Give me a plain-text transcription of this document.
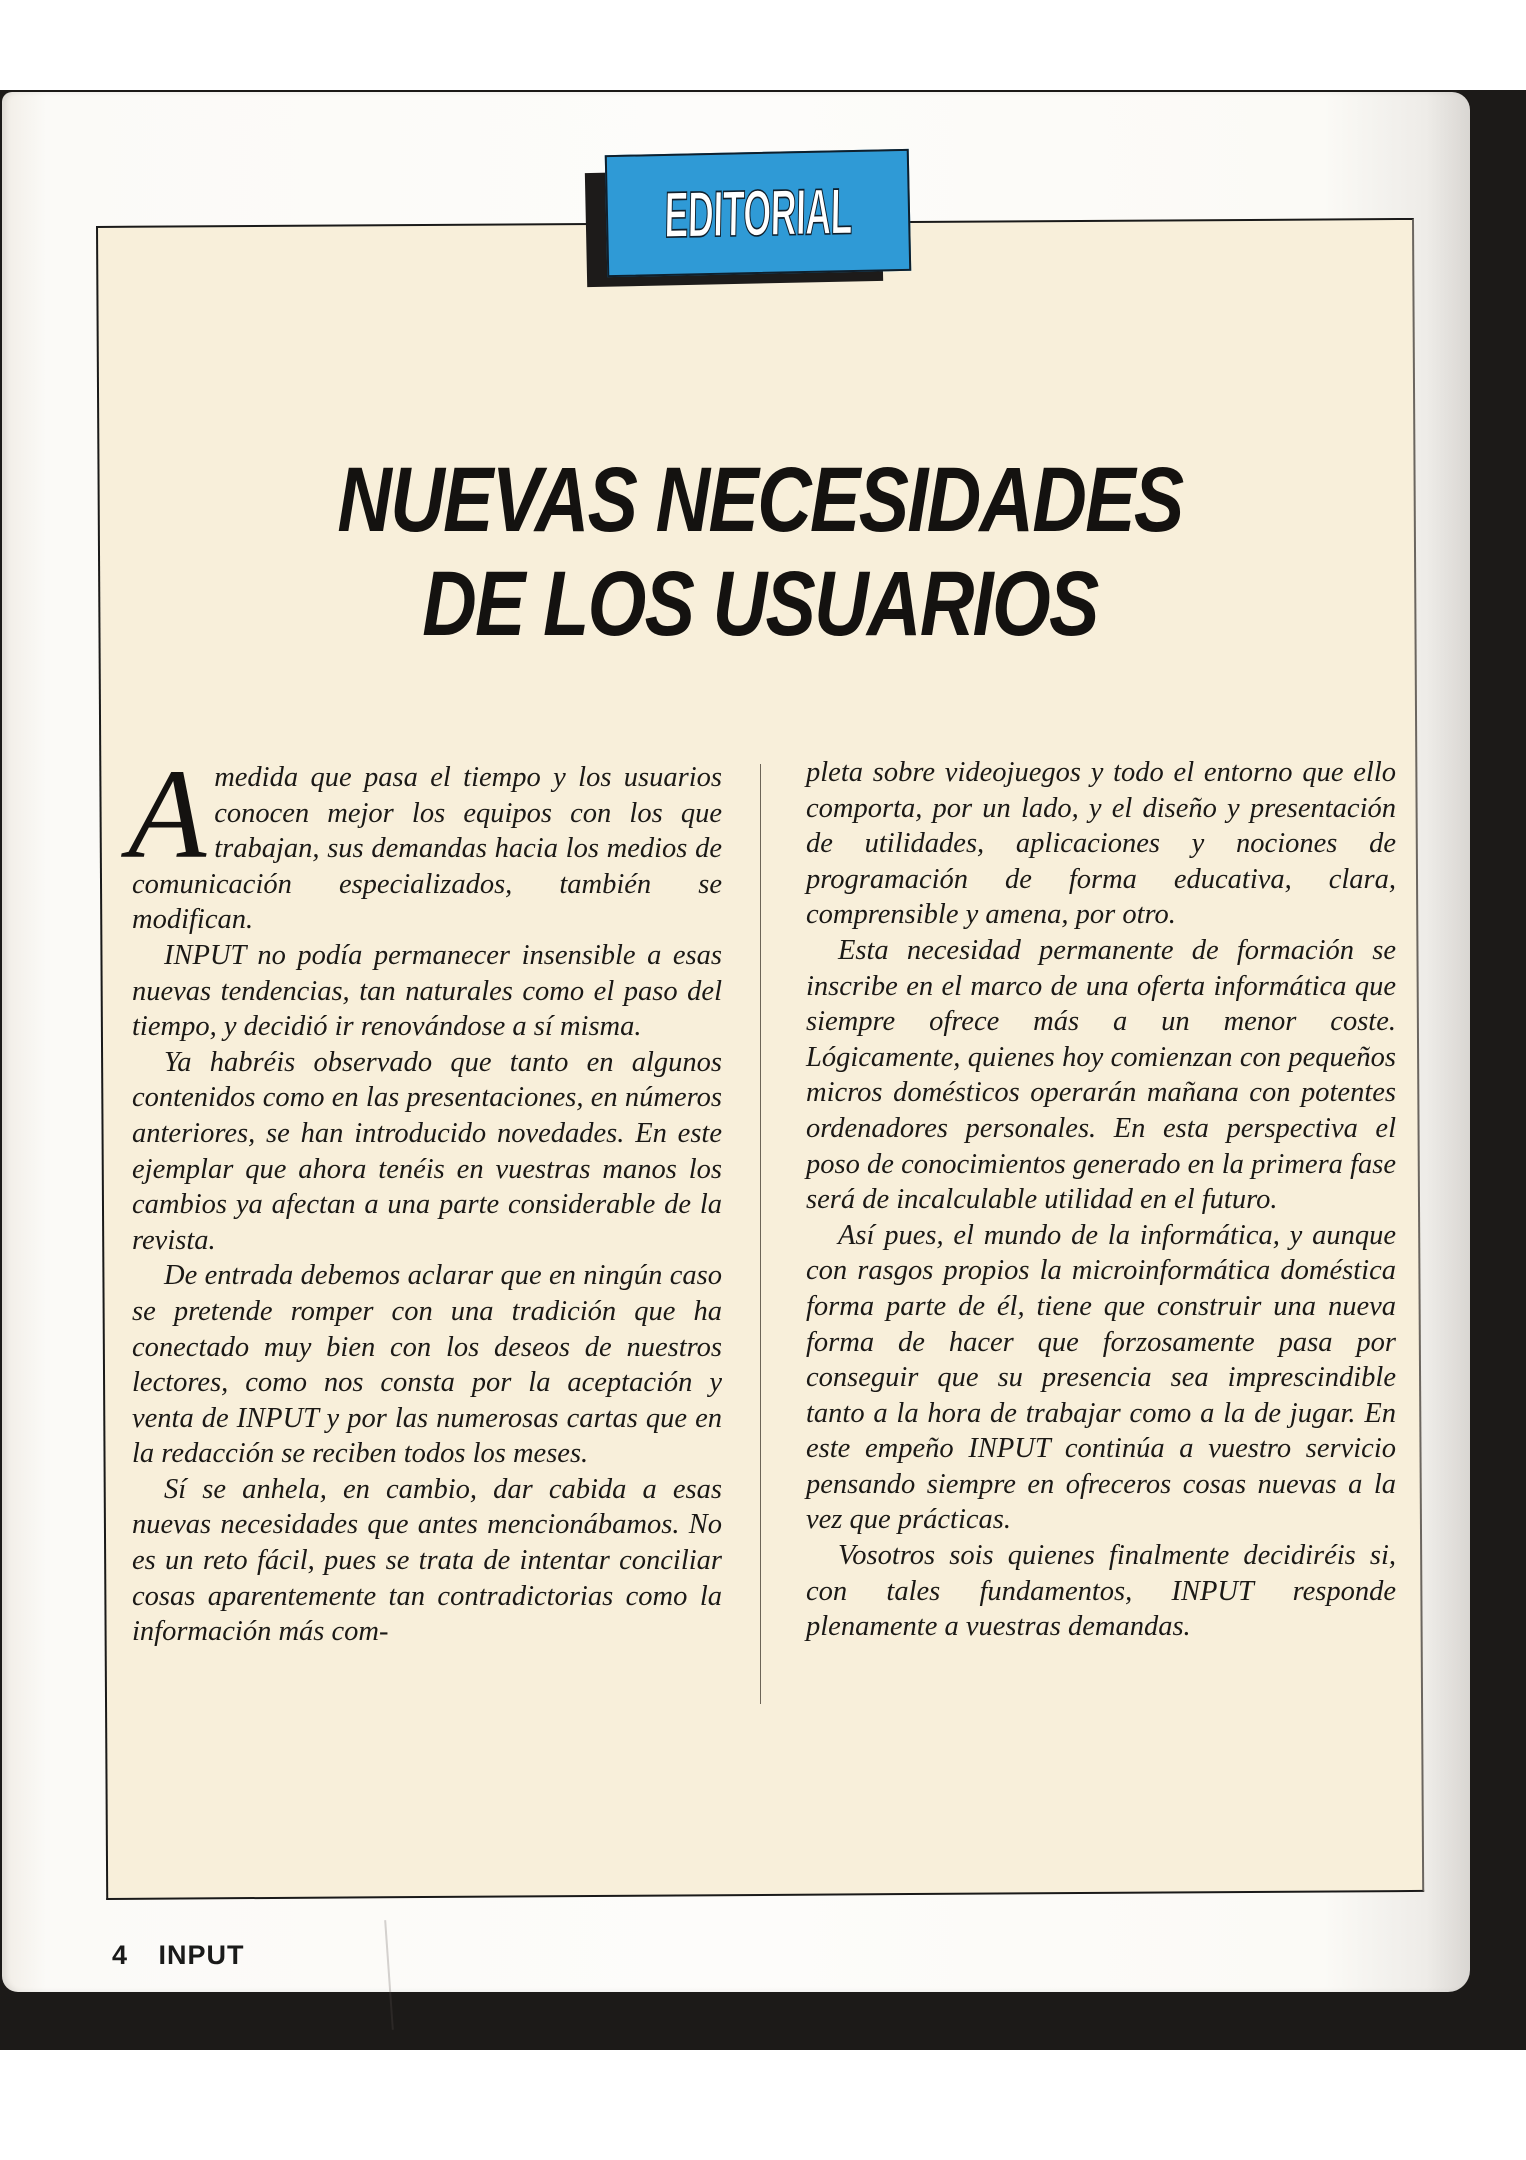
EDITORIAL
NUEVAS NECESIDADES
DE LOS USUARIOS

A medida que pasa el tiempo y los usuarios conocen mejor los equipos con los que trabajan, sus demandas hacia los medios de comunicación especializados, también se modifican.

INPUT no podía permanecer insensible a esas nuevas tendencias, tan naturales como el paso del tiempo, y decidió ir renovándose a sí misma.

Ya habréis observado que tanto en algunos contenidos como en las presentaciones, en números anteriores, se han introducido novedades. En este ejemplar que ahora tenéis en vuestras manos los cambios ya afectan a una parte considerable de la revista.

De entrada debemos aclarar que en ningún caso se pretende romper con una tradición que ha conectado muy bien con los deseos de nuestros lectores, como nos consta por la aceptación y venta de INPUT y por las numerosas cartas que en la redacción se reciben todos los meses.

Sí se anhela, en cambio, dar cabida a esas nuevas necesidades que antes mencionábamos. No es un reto fácil, pues se trata de intentar conciliar cosas aparentemente tan contradictorias como la información más com-

pleta sobre videojuegos y todo el entorno que ello comporta, por un lado, y el diseño y presentación de utilidades, aplicaciones y nociones de programación de forma educativa, clara, comprensible y amena, por otro.

Esta necesidad permanente de formación se inscribe en el marco de una oferta informática que siempre ofrece más a un menor coste. Lógicamente, quienes hoy comienzan con pequeños micros domésticos operarán mañana con potentes ordenadores personales. En esta perspectiva el poso de conocimientos generado en la primera fase será de incalculable utilidad en el futuro.

Así pues, el mundo de la informática, y aunque con rasgos propios la microinformática doméstica forma parte de él, tiene que construir una nueva forma de hacer que forzosamente pasa por conseguir que su presencia sea imprescindible tanto a la hora de trabajar como a la de jugar. En este empeño INPUT continúa a vuestro servicio pensando siempre en ofreceros cosas nuevas a la vez que prácticas.

Vosotros sois quienes finalmente decidiréis si, con tales fundamentos, INPUT responde plenamente a vuestras demandas.

4 INPUT
